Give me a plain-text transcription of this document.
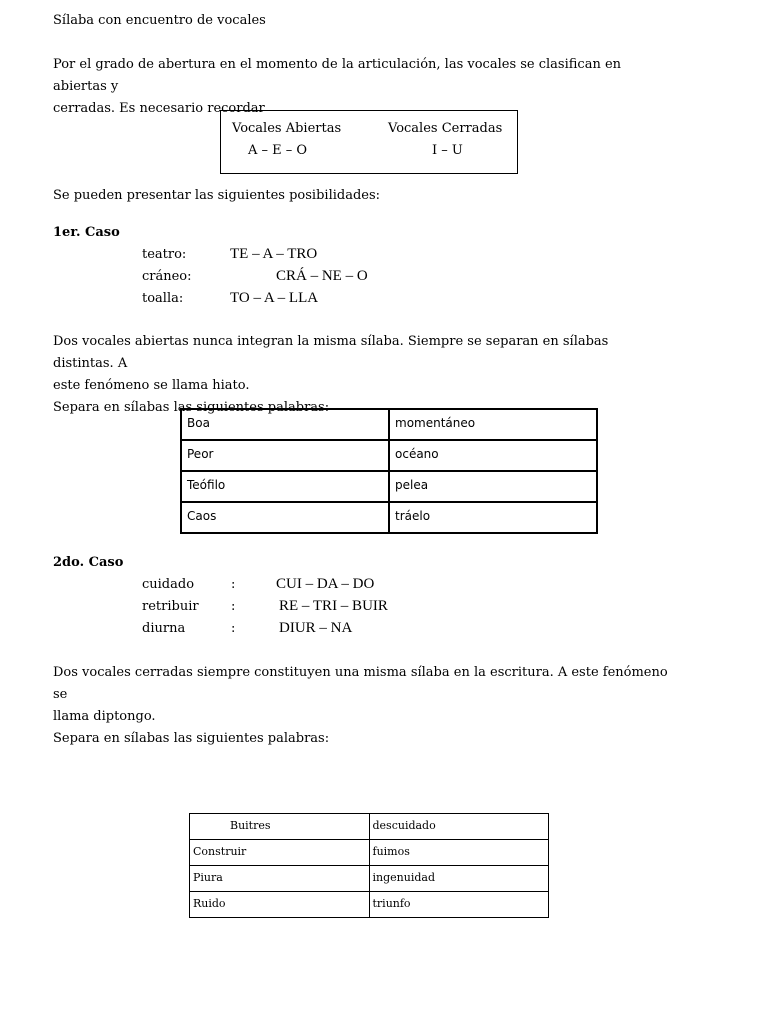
Sílaba con encuentro de vocales
Por el grado de abertura en el momento de la articulación, las vocales se clasifican en abiertas y
cerradas. Es necesario recordar
Vocales Abiertas
A – E – O
Vocales Cerradas
I – U
Se pueden presentar las siguientes posibilidades:
1er. Caso
teatro:	TE – A – TRO
cráneo:	CRÁ – NE – O
toalla:	TO – A – LLA
Dos vocales abiertas nunca integran la misma sílaba. Siempre se separan en sílabas distintas. A
este fenómeno se llama hiato.
Separa en sílabas las siguientes palabras:
Boa	momentáneo
Peor	océano
Teófilo	pelea
Caos	tráelo
2do. Caso
cuidado	:	CUI – DA – DO
retribuir :	RE – TRI – BUIR
diurna	:	DIUR – NA
Dos vocales cerradas siempre constituyen una misma sílaba en la escritura. A este fenómeno se
llama diptongo.
Separa en sílabas las siguientes palabras:
Buitres	descuidado
Construir	fuimos
Piura	ingenuidad
Ruido	triunfo
